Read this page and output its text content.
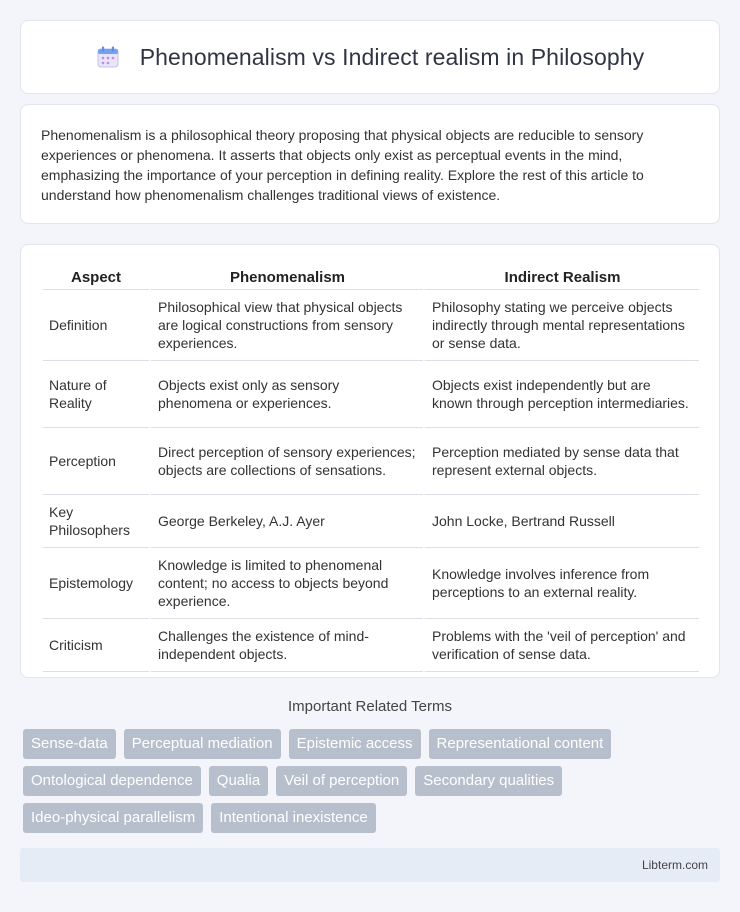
Phenomenalism vs Indirect realism in Philosophy

Phenomenalism is a philosophical theory proposing that physical objects are reducible to sensory experiences or phenomena. It asserts that objects only exist as perceptual events in the mind, emphasizing the importance of your perception in defining reality. Explore the rest of this article to understand how phenomenalism challenges traditional views of existence.

Aspect	Phenomenalism	Indirect Realism
Definition	Philosophical view that physical objects are logical constructions from sensory experiences.	Philosophy stating we perceive objects indirectly through mental representations or sense data.
Nature of Reality	Objects exist only as sensory phenomena or experiences.	Objects exist independently but are known through perception intermediaries.
Perception	Direct perception of sensory experiences; objects are collections of sensations.	Perception mediated by sense data that represent external objects.
Key Philosophers	George Berkeley, A.J. Ayer	John Locke, Bertrand Russell
Epistemology	Knowledge is limited to phenomenal content; no access to objects beyond experience.	Knowledge involves inference from perceptions to an external reality.
Criticism	Challenges the existence of mind-independent objects.	Problems with the 'veil of perception' and verification of sense data.
Important Related Terms
Sense-data	Perceptual mediation	Epistemic access	Representational content
Ontological dependence	Qualia	Veil of perception	Secondary qualities
Ideo-physical parallelism	Intentional inexistence
Libterm.com
